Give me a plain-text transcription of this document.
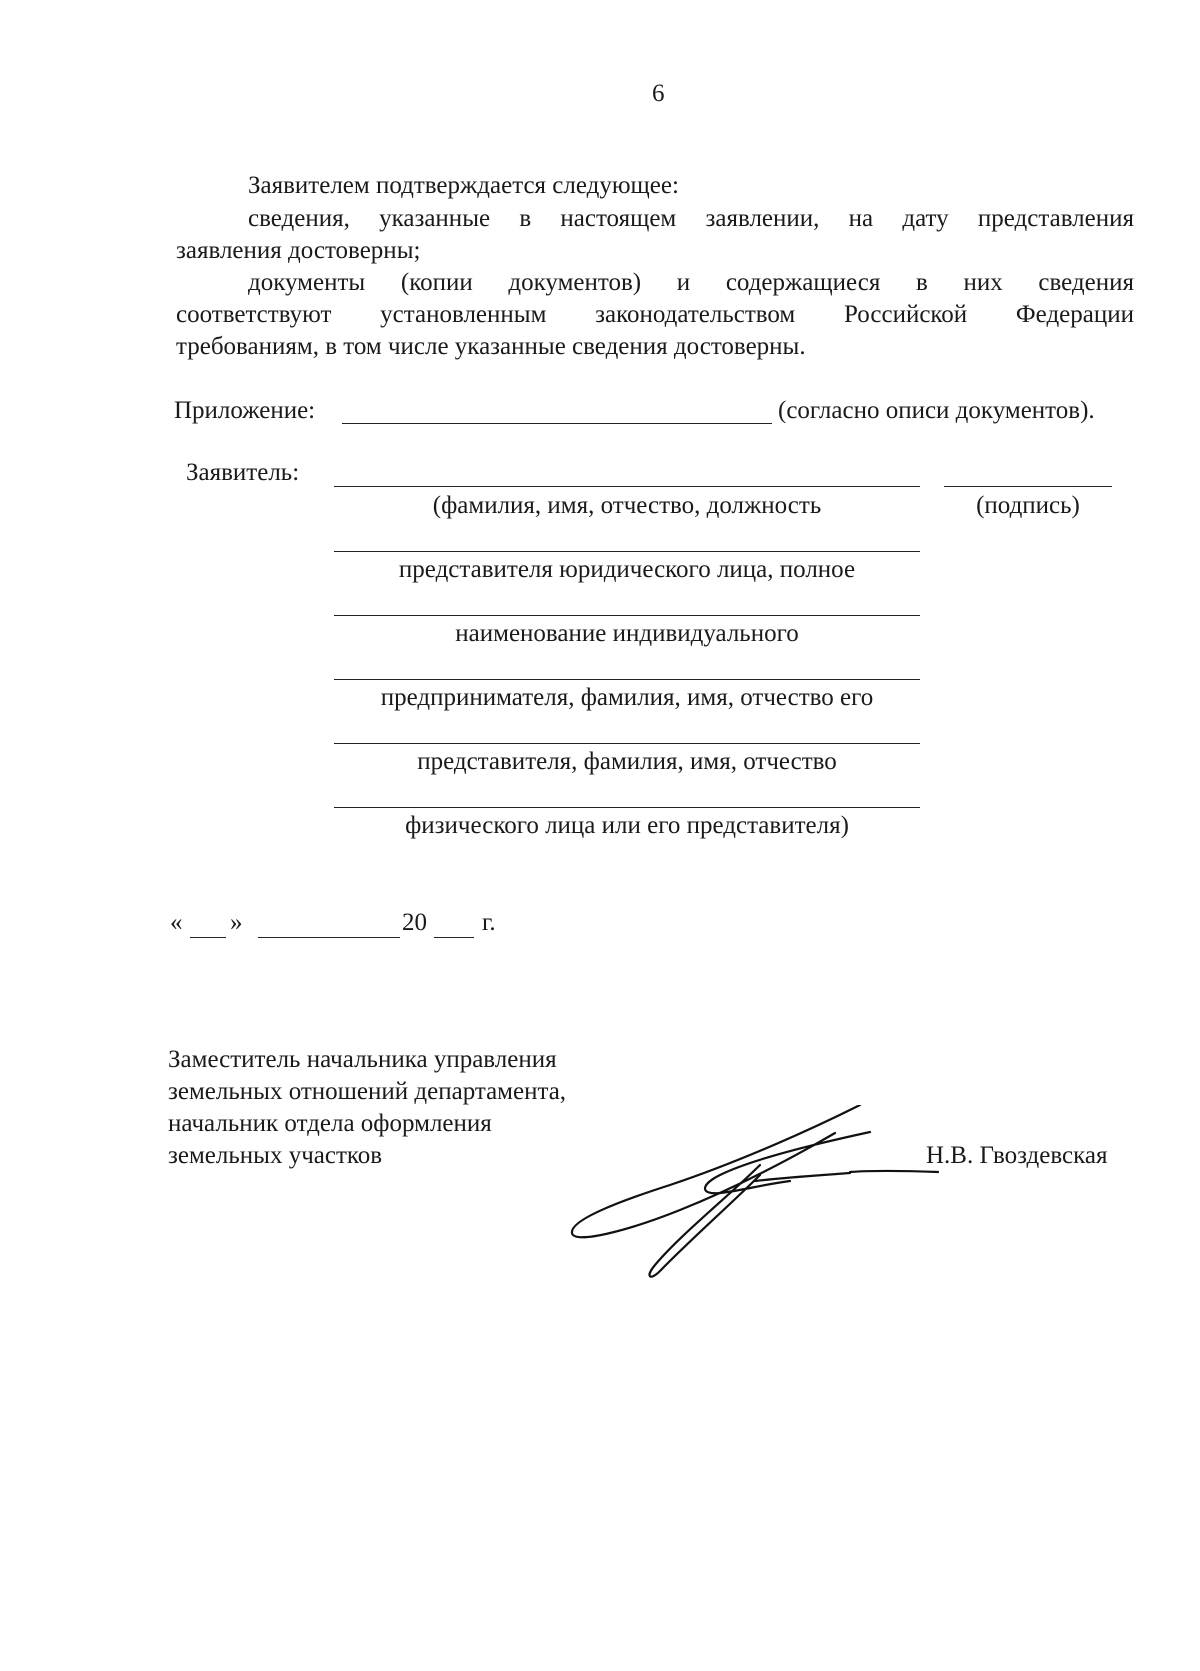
6
Заявителем подтверждается следующее:
сведения, указанные в настоящем заявлении, на дату представления
заявления достоверны;
документы (копии документов) и содержащиеся в них сведения
соответствуют установленным законодательством Российской Федерации
требованиям, в том числе указанные сведения достоверны.
Приложение:	(согласно описи документов).
Заявитель:
(фамилия, имя, отчество, должность	(подпись)
представителя юридического лица, полное
наименование индивидуального
предпринимателя, фамилия, имя, отчество его
представителя, фамилия, имя, отчество
физического лица или его представителя)
« »	20 г.
Заместитель начальника управления
земельных отношений департамента,
начальник отдела оформления
земельных участков	Н.В. Гвоздевская
